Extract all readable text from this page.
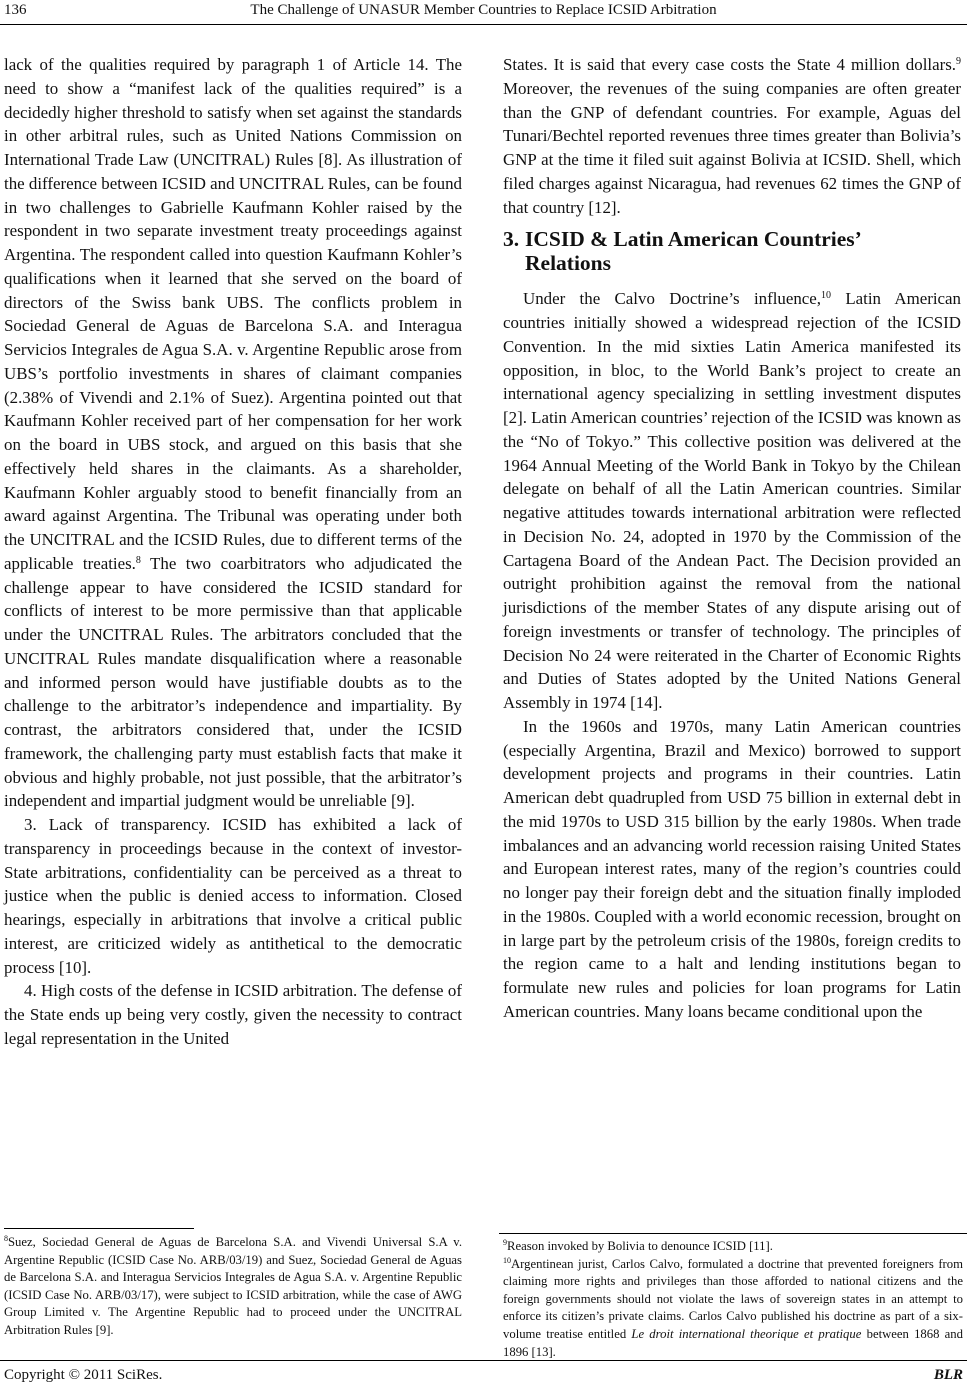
136	The Challenge of UNASUR Member Countries to Replace ICSID Arbitration

lack of the qualities required by paragraph 1 of Article 14. The need to show a “manifest lack of the qualities required” is a decidedly higher threshold to satisfy when set against the standards in other arbitral rules, such as United Nations Commission on International Trade Law (UNCITRAL) Rules [8]. As illustration of the difference between ICSID and UNCITRAL Rules, can be found in two challenges to Gabrielle Kaufmann Kohler raised by the respondent in two separate investment treaty proceedings against Argentina. The respondent called into question Kaufmann Kohler’s qualifications when it learned that she served on the board of directors of the Swiss bank UBS. The conflicts problem in Sociedad General de Aguas de Barcelona S.A. and Interagua Servicios Integrales de Agua S.A. v. Argentine Republic arose from UBS’s portfolio investments in shares of claimant companies (2.38% of Vivendi and 2.1% of Suez). Argentina pointed out that Kaufmann Kohler received part of her compensation for her work on the board in UBS stock, and argued on this basis that she effectively held shares in the claimants. As a shareholder, Kaufmann Kohler arguably stood to benefit financially from an award against Argentina. The Tribunal was operating under both the UNCITRAL and the ICSID Rules, due to different terms of the applicable treaties.$^8$ The two coarbitrators who adjudicated the challenge appear to have considered the ICSID standard for conflicts of interest to be more permissive than that applicable under the UNCITRAL Rules. The arbitrators concluded that the UNCITRAL Rules mandate disqualification where a reasonable and informed person would have justifiable doubts as to the challenge to the arbitrator’s independence and impartiality. By contrast, the arbitrators considered that, under the ICSID framework, the challenging party must establish facts that make it obvious and highly probable, not just possible, that the arbitrator’s independent and impartial judgment would be unreliable [9].

3. Lack of transparency. ICSID has exhibited a lack of transparency in proceedings because in the context of investor-State arbitrations, confidentiality can be perceived as a threat to justice when the public is denied access to information. Closed hearings, especially in arbitrations that involve a critical public interest, are criticized widely as antithetical to the democratic process [10].

4. High costs of the defense in ICSID arbitration. The defense of the State ends up being very costly, given the necessity to contract legal representation in the United

$^8$Suez, Sociedad General de Aguas de Barcelona S.A. and Vivendi Universal S.A v. Argentine Republic (ICSID Case No. ARB/03/19) and Suez, Sociedad General de Aguas de Barcelona S.A. and Interagua Servicios Integrales de Agua S.A. v. Argentine Republic (ICSID Case No. ARB/03/17), were subject to ICSID arbitration, while the case of AWG Group Limited v. The Argentine Republic had to proceed under the UNCITRAL Arbitration Rules [9].

States. It is said that every case costs the State 4 million dollars.$^9$ Moreover, the revenues of the suing companies are often greater than the GNP of defendant countries. For example, Aguas del Tunari/Bechtel reported revenues three times greater than Bolivia’s GNP at the time it filed suit against Bolivia at ICSID. Shell, which filed charges against Nicaragua, had revenues 62 times the GNP of that country [12].

3. ICSID & Latin American Countries’
Relations

Under the Calvo Doctrine’s influence,$^{10}$ Latin American countries initially showed a widespread rejection of the ICSID Convention. In the mid sixties Latin America manifested its opposition, in bloc, to the World Bank’s project to create an international agency specializing in settling investment disputes [2]. Latin American countries’ rejection of the ICSID was known as the “No of Tokyo.” This collective position was delivered at the 1964 Annual Meeting of the World Bank in Tokyo by the Chilean delegate on behalf of all the Latin American countries. Similar negative attitudes towards international arbitration were reflected in Decision No. 24, adopted in 1970 by the Commission of the Cartagena Board of the Andean Pact. The Decision provided an outright prohibition against the removal from the national jurisdictions of the member States of any dispute arising out of foreign investments or transfer of technology. The principles of Decision No 24 were reiterated in the Charter of Economic Rights and Duties of States adopted by the United Nations General Assembly in 1974 [14].

In the 1960s and 1970s, many Latin American countries (especially Argentina, Brazil and Mexico) borrowed to support development projects and programs in their countries. Latin American debt quadrupled from USD 75 billion in external debt in the mid 1970s to USD 315 billion by the early 1980s. When trade imbalances and an advancing world recession raising United States and European interest rates, many of the region’s countries could no longer pay their foreign debt and the situation finally imploded in the 1980s. Coupled with a world economic recession, brought on in large part by the petroleum crisis of the 1980s, foreign credits to the region came to a halt and lending institutions began to formulate new rules and policies for loan programs for Latin American countries. Many loans became conditional upon the

$^9$Reason invoked by Bolivia to denounce ICSID [11].

$^{10}$Argentinean jurist, Carlos Calvo, formulated a doctrine that prevented foreigners from claiming more rights and privileges than those afforded to national citizens and the foreign governments should not violate the laws of sovereign states in an attempt to enforce its citizen’s private claims. Carlos Calvo published his doctrine as part of a six-volume treatise entitled Le droit international theorique et pratique between 1868 and 1896 [13].

Copyright © 2011 SciRes.	BLR
